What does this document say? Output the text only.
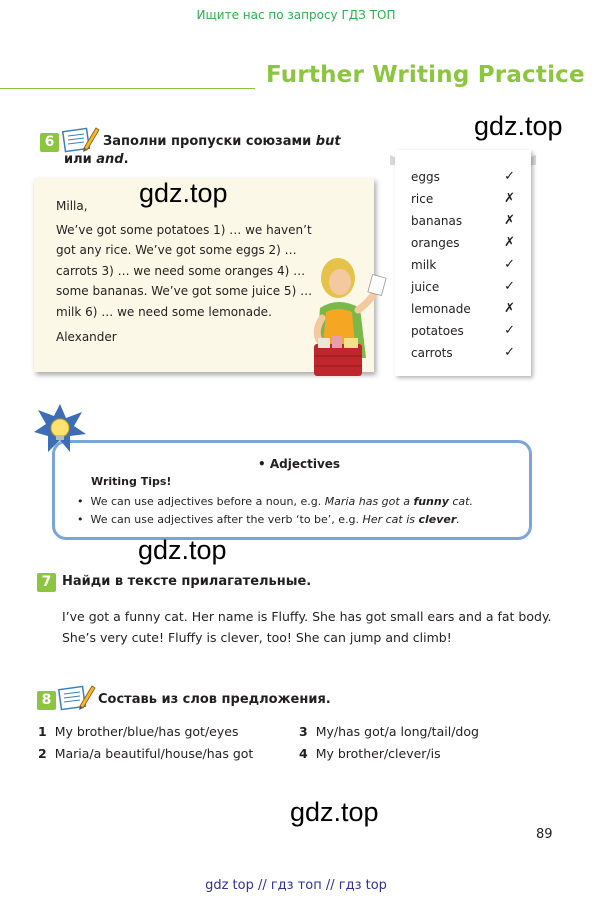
Ищите нас по запросу ГДЗ ТОП
Further Writing Practice
gdz.top
6	Заполни пропуски союзами but
или and.
Milla,
We’ve got some potatoes 1) … we haven’t
got any rice. We’ve got some eggs 2) …
carrots 3) … we need some oranges 4) …
some bananas. We’ve got some juice 5) …
milk 6) … we need some lemonade.
Alexander
gdz.top
eggs	✓
rice	✗
bananas	✗
oranges	✗
milk	✓
juice	✓
lemonade	✗
potatoes	✓
carrots	✓
• Adjectives
Writing Tips!
•  We can use adjectives before a noun, e.g. Maria has got a funny cat.
•  We can use adjectives after the verb ‘to be’, e.g. Her cat is clever.
gdz.top
7 Найди в тексте прилагательные.
I’ve got a funny cat. Her name is Fluffy. She has got small ears and a fat body.
She’s very cute! Fluffy is clever, too! She can jump and climb!
8	Составь из слов предложения.
1 My brother/blue/has got/eyes
2 Maria/a beautiful/house/has got
3 My/has got/a long/tail/dog
4 My brother/clever/is
gdz.top
89
gdz top // гдз топ // гдз top
